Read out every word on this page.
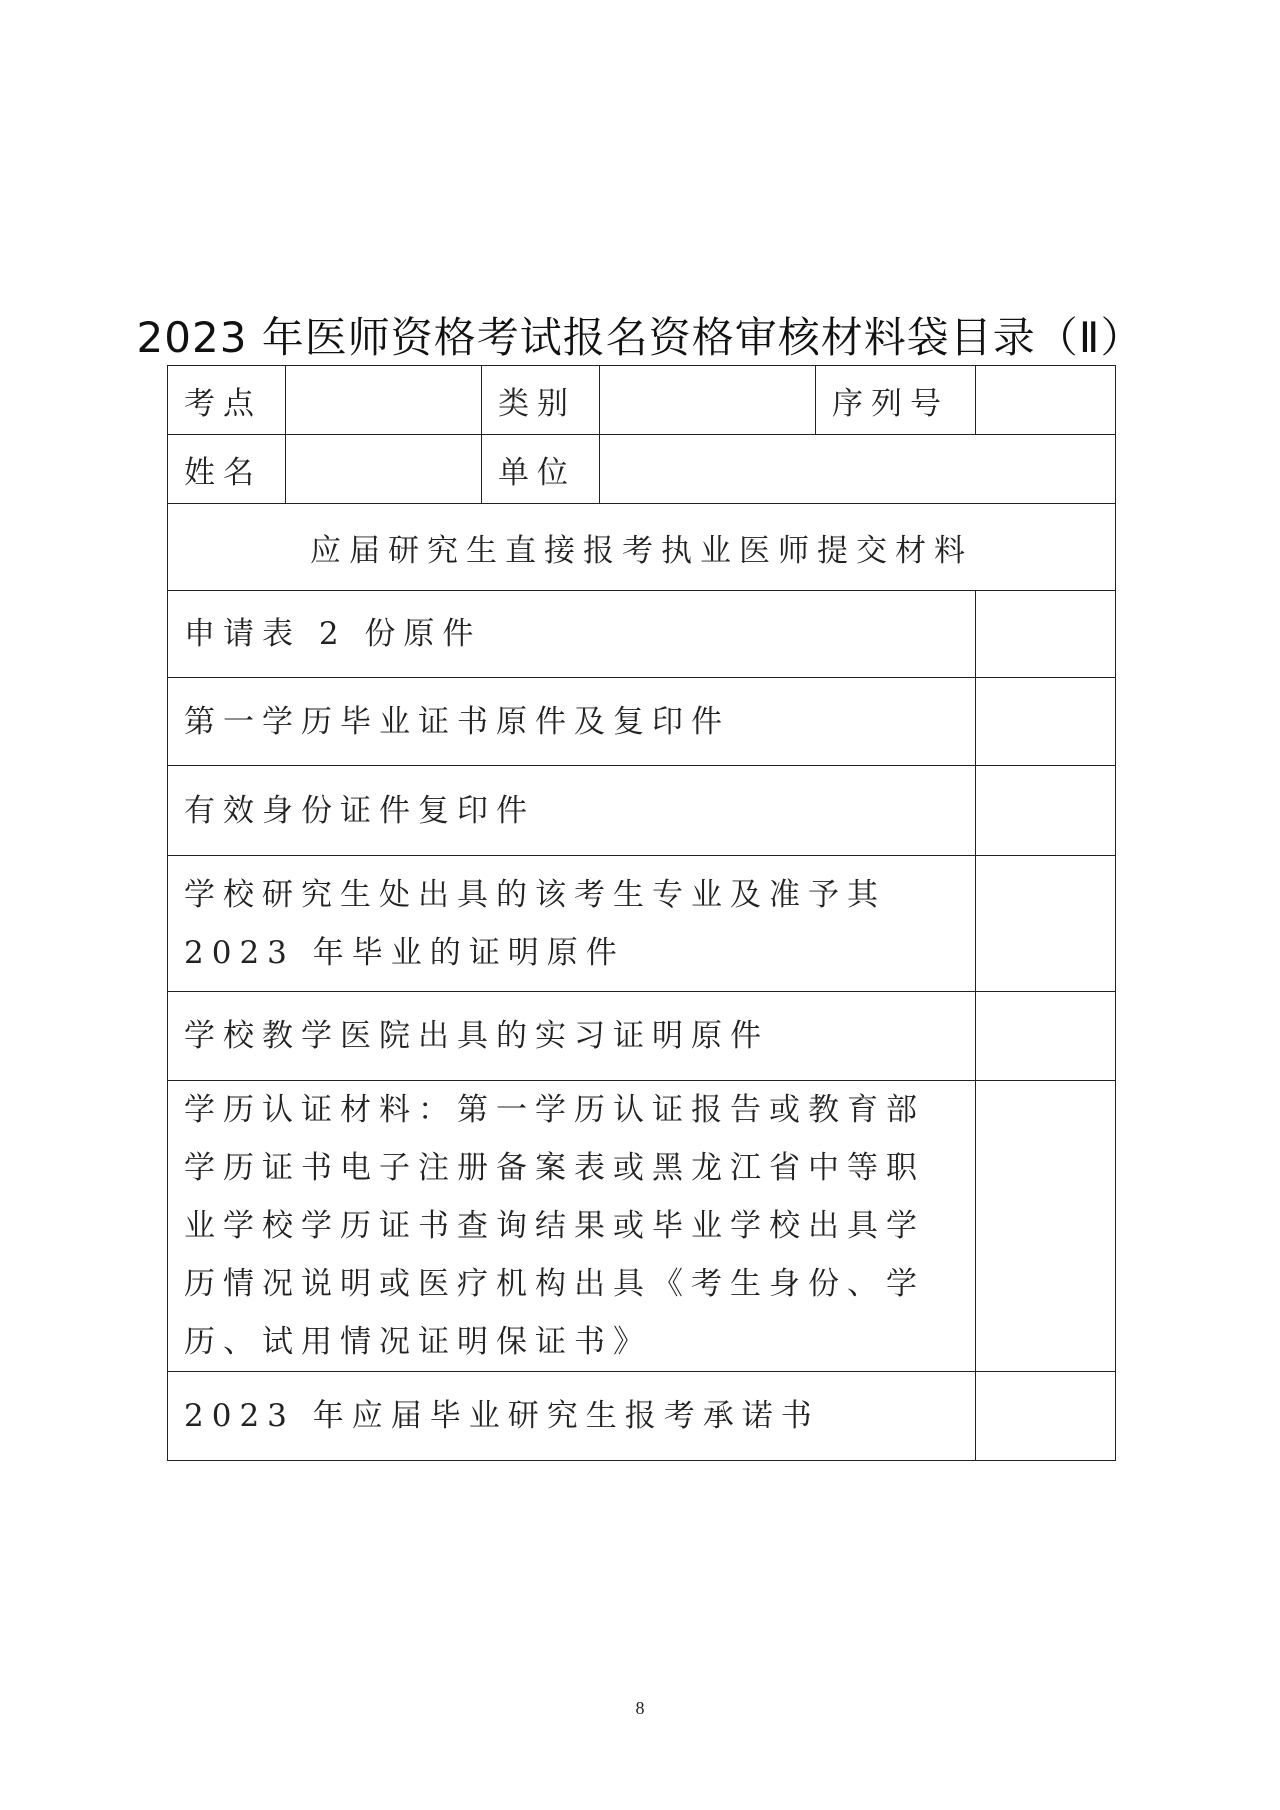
2023 年医师资格考试报名资格审核材料袋目录（Ⅱ）
考点		类别		序列号	
姓名		单位			
应届研究生直接报考执业医师提交材料					
申请表 2 份原件					
第一学历毕业证书原件及复印件					
有效身份证件复印件					
学校研究生处出具的该考生专业及准予其 2023 年毕业的证明原件					
学校教学医院出具的实习证明原件					
学历认证材料：第一学历认证报告或教育部学历证书电子注册备案表或黑龙江省中等职业学校学历证书查询结果或毕业学校出具学历情况说明或医疗机构出具《考生身份、学历、试用情况证明保证书》					
2023 年应届毕业研究生报考承诺书					
8
